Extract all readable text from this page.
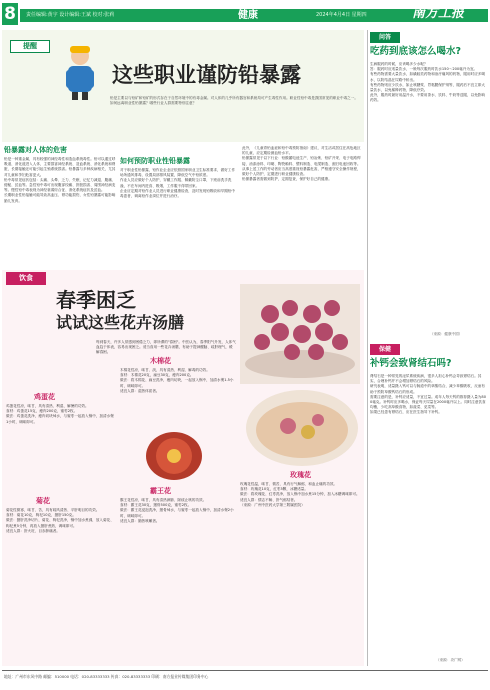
8	责任编辑:黄宇 设计编辑:王斌 校对:张莉	健康	2024年4月4日 星期四	南方工报
提醒
这些职业谨防铅暴露
铅是主要以与铅矿和铅矿的形式存在于自然环境中的有毒金属。对人体的几乎所有器官和系统均可产生毒性作用。职业性铅中毒是我国常见的职业中毒之一。如何远离职业性铅暴露？哪些行业人群需要特别注意？
铅暴露对人体的危害
铅是一种重金属，具有较强的神经毒性和造血系统毒性。铅可以通过呼吸道、消化道进入人体，主要损害神经系统、造血系统、消化系统和肾脏，长期接触还可能引起生殖系统损害。铅暴露与多种疾病相关，尤其对儿童和孕妇危害更大。
铅中毒常见症状包括：头痛、头晕、乏力、失眠、记忆力减退、腹痛、便秘、贫血等。急性铅中毒可出现腹部绞痛、肝脏损害、周围神经病变等。慢性铅中毒表现为神经衰弱综合征、消化系统症状及贫血。
长期职业性铅接触可能导致高血压、肾功能损伤，女性铅暴露可能影响胎儿发育。
如何预防职业性铅暴露
对于职业性铅暴露，铅作业企业应依照国家职业卫生标准要求，做好工作场所通风排毒，设置局部排风装置，降低空气中铅浓度。
作业人员应做好个人防护，穿戴工作服、佩戴防尘口罩，下班前洗手洗澡，不在车间内进食、吸烟，工作服不得带回家。
企业应定期对铅作业人员进行职业健康检查，及时发现铅吸收和早期铅中毒患者，调离铅作业岗位并进行治疗。
此外，《儿童青铅血症和铅中毒预防指南》建议，对生活或居住在高危地区的儿童，应定期检测血铅水平。
铅暴露常见于以下行业：铅酸蓄电池生产、铅冶炼、铅矿开采、电子电路焊接、油漆涂料、印刷、陶瓷釉料、塑料制造、电缆制造、废旧电池回收等。从事上述工作的劳动者应当高度重视铅暴露危害，严格遵守安全操作规程，做好个人防护，定期进行职业健康检查。
铅暴暴露者需做到防护，定期复查，保护好自己的健康。
饮食
春季困乏
试试这些花卉汤膳
每到春天，许多人常感到困倦乏力，即所谓的"春困"。中医认为，春季阳气升发，人体气血趋于体表，容易出现困乏。适当食用一些花卉汤膳，有助于提神醒脑、疏肝理气，缓解春困。
鸡蛋花
鸡蛋花性凉，味甘，具有清热、利湿、解暑的功效。
食材：鸡蛋花15克，瘦肉200克，蜜枣2枚。
做法：鸡蛋花洗净，瘦肉切块焯水，与蜜枣一起放入锅中，加清水煲1小时，调味即可。
菊花
菊花性微寒，味甘、苦，具有疏风清热、平肝明目的功效。
食材：菊花10克，枸杞10克，猪肝150克。
做法：猪肝洗净切片，菊花、枸杞洗净，锅中加水煮沸，放入菊花、枸杞煮5分钟，再放入猪肝煮熟，调味即可。
适宜人群：肝火旺、目赤肿痛者。
木棉花
木棉花性凉，味甘、淡，具有清热、利湿、解毒的功效。
食材：木棉花20克，扁豆30克，瘦肉200克。
做法：将木棉花、扁豆洗净，瘦肉切块，一起放入锅中，加清水煲1.5小时，调味即可。
适宜人群：湿热体质者。
霸王花
霸王花性凉，味甘，具有清热润肺、除痰止咳的功效。
食材：霸王花30克，猪骨500克，蜜枣2枚。
做法：霸王花浸泡洗净，猪骨焯水，与蜜枣一起放入锅中，加清水煲2小时，调味即可。
适宜人群：肺热咳嗽者。
玫瑰花
玫瑰花性温，味甘、微苦，具有行气解郁、和血止痛的功效。
食材：玫瑰花10克，红枣5颗，冰糖适量。
做法：将玫瑰花、红枣洗净，放入锅中加水煮15分钟，加入冰糖调味即可。
适宜人群：情志不畅、肝气郁结者。
（来源：广州中医药大学第三附属医院）
问答
吃药到底该怎么喝水?
生病服药的时候，应该喝多少水呢？
答：服药时应适量饮水，一般每次服药时饮水150～200毫升为宜。
有些药物需要大量饮水，如磺胺类药物和治疗痛风的药物，服用时应多喝水，以防结晶在尿路中析出。
有些药物则应少饮水，如止咳糖浆、胃黏膜保护剂等，服药后不宜立即大量饮水，以免稀释药物，降低疗效。
此外，服药时最好用温开水，不要用茶水、饮料、牛奶等送服，以免影响药效。
（来源：健康中国）
保健
补钙会致肾结石吗?
肾结石是一种常见的泌尿系统疾病，很多人担心补钙会导致肾结石。其实，合理补钙并不会增加肾结石的风险。
研究表明，适量摄入钙可以与肠道中的草酸结合，减少草酸吸收，反而有助于预防草酸钙结石的形成。
需要注意的是，补钙应适量，不宜过量。成年人每天钙的推荐摄入量为800毫克。补钙时应多喝水，保证每天尿量在2000毫升以上。同时注意饮食均衡，少吃高草酸食物，如菠菜、苋菜等。
如果已经患有肾结石，应在医生指导下补钙。
（来源：央广网）
地址：广州市东风中路 邮编：510000 电话：020-83333333 传真：020-83333333 印刷：南方报业传媒集团印务中心
